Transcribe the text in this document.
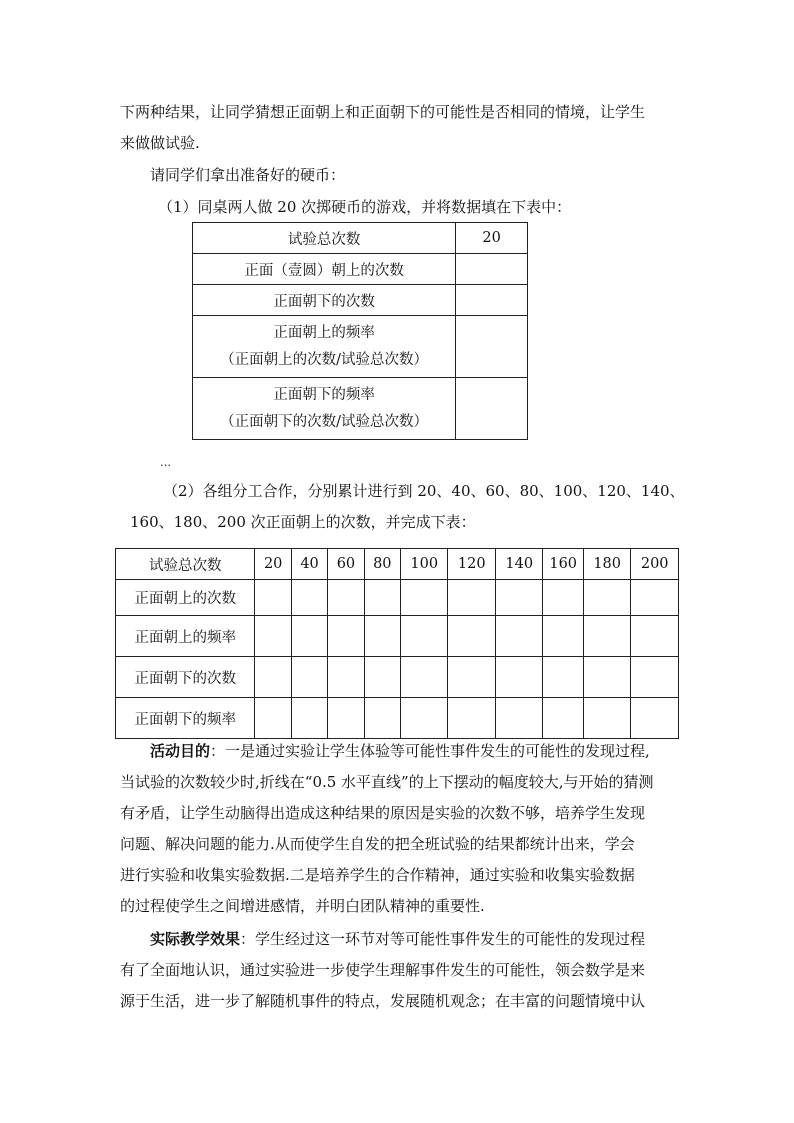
下两种结果，让同学猜想正面朝上和正面朝下的可能性是否相同的情境，让学生
来做做试验.
请同学们拿出准备好的硬币：
（1）同桌两人做 20 次掷硬币的游戏，并将数据填在下表中：
试验总次数	20
正面（壹圆）朝上的次数	
正面朝下的次数	

正面朝上的频率
（正面朝上的次数/试验总次数）	

正面朝下的频率
（正面朝下的次数/试验总次数）	

…
（2）各组分工合作，分别累计进行到 20、40、60、80、100、120、140、
160、180、200 次正面朝上的次数，并完成下表：
试验总次数	20	40	60	80	100	120	140	160	180	200
正面朝上的次数										
正面朝上的频率										
正面朝下的次数										
正面朝下的频率										
活动目的：一是通过实验让学生体验等可能性事件发生的可能性的发现过程,
当试验的次数较少时,折线在“0.5 水平直线”的上下摆动的幅度较大,与开始的猜测
有矛盾，让学生动脑得出造成这种结果的原因是实验的次数不够，培养学生发现
问题、解决问题的能力.从而使学生自发的把全班试验的结果都统计出来，学会
进行实验和收集实验数据.二是培养学生的合作精神，通过实验和收集实验数据
的过程使学生之间增进感情，并明白团队精神的重要性.
实际教学效果：学生经过这一环节对等可能性事件发生的可能性的发现过程
有了全面地认识，通过实验进一步使学生理解事件发生的可能性，领会数学是来
源于生活，进一步了解随机事件的特点，发展随机观念；在丰富的问题情境中认
